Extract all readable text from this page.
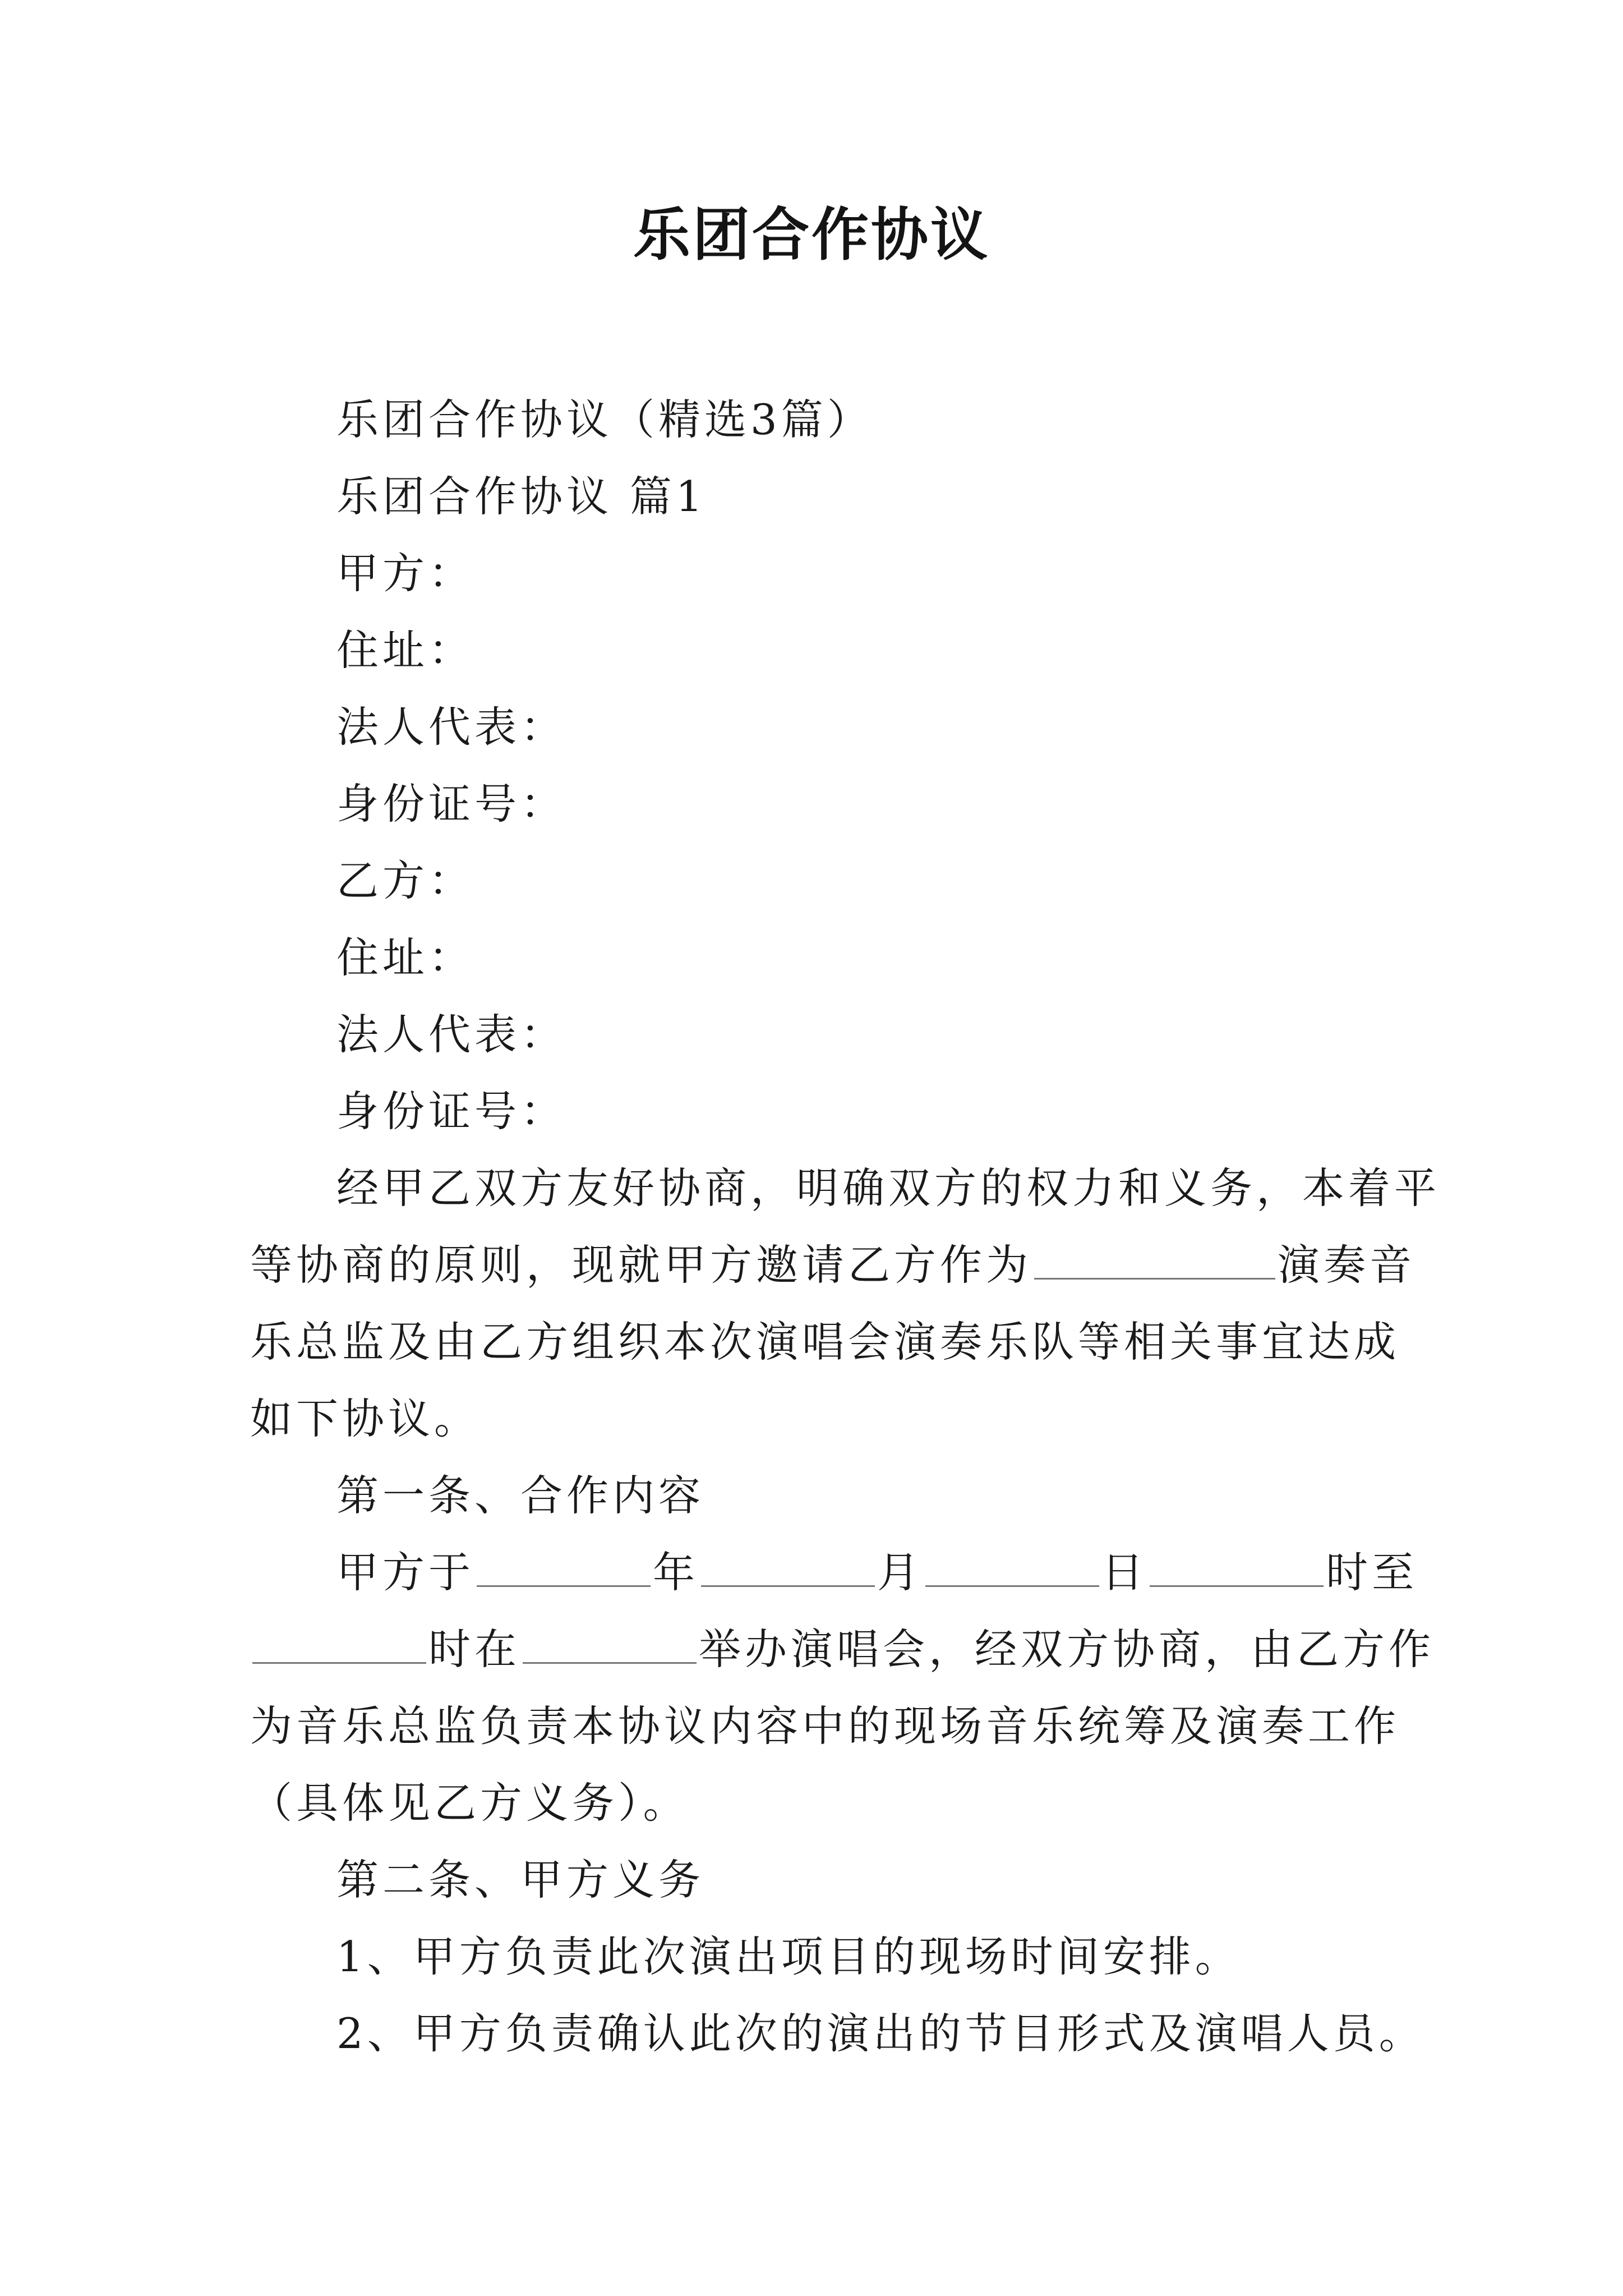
乐团合作协议
乐团合作协议（精选3篇）
乐团合作协议 篇1
甲方：
住址：
法人代表：
身份证号：
乙方：
住址：
法人代表：
身份证号：
经甲乙双方友好协商，明确双方的权力和义务，本着平
等协商的原则，现就甲方邀请乙方作为	演奏音
乐总监及由乙方组织本次演唱会演奏乐队等相关事宜达成
如下协议。
第一条、合作内容
甲方于	年	月	日	时至
时在	举办演唱会，经双方协商，由乙方作
为音乐总监负责本协议内容中的现场音乐统筹及演奏工作
（具体见乙方义务）。
第二条、甲方义务
1、甲方负责此次演出项目的现场时间安排。
2、甲方负责确认此次的演出的节目形式及演唱人员。
